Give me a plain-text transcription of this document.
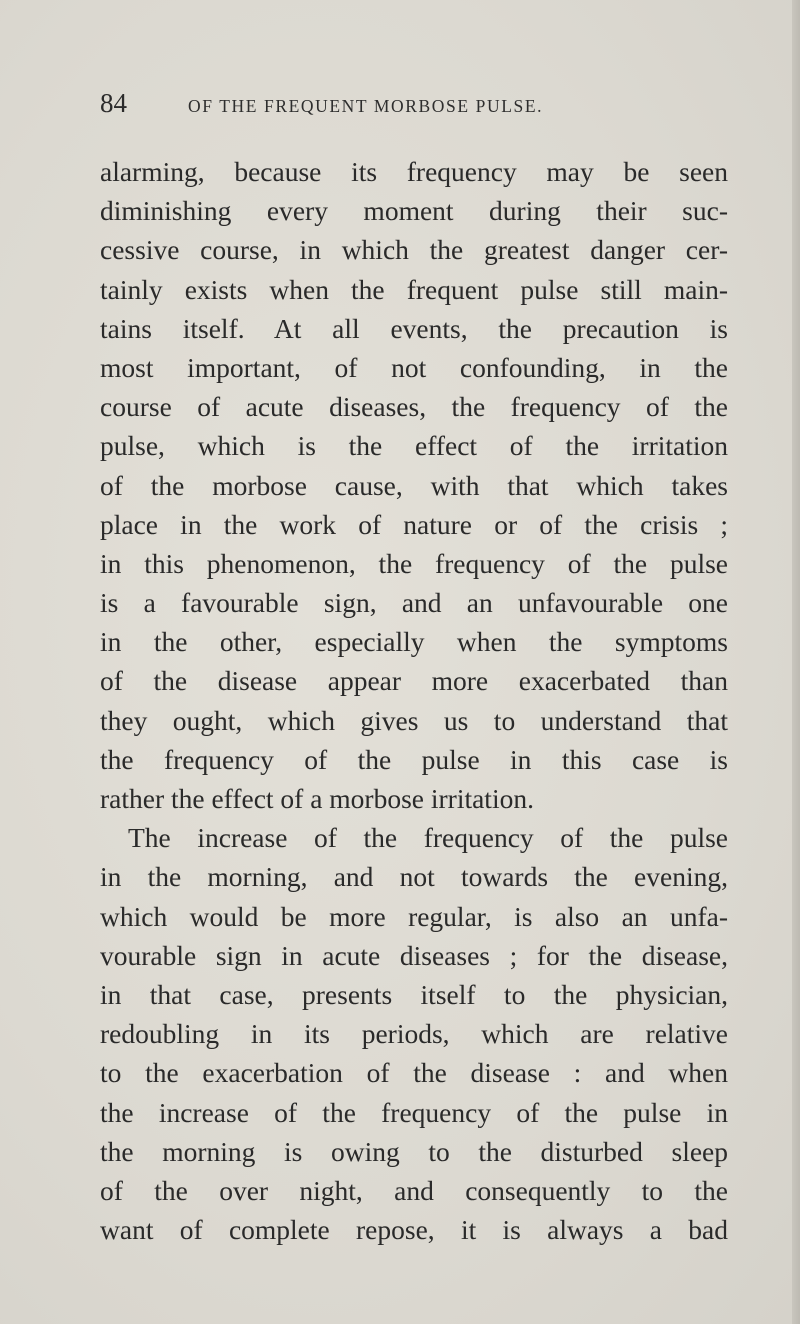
84	OF THE FREQUENT MORBOSE PULSE.
alarming, because its frequency may be seen
diminishing every moment during their suc-
cessive course, in which the greatest danger cer-
tainly exists when the frequent pulse still main-
tains itself. At all events, the precaution is
most important, of not confounding, in the
course of acute diseases, the frequency of the
pulse, which is the effect of the irritation
of the morbose cause, with that which takes
place in the work of nature or of the crisis ;
in this phenomenon, the frequency of the pulse
is a favourable sign, and an unfavourable one
in the other, especially when the symptoms
of the disease appear more exacerbated than
they ought, which gives us to understand that
the frequency of the pulse in this case is
rather the effect of a morbose irritation.
The increase of the frequency of the pulse
in the morning, and not towards the evening,
which would be more regular, is also an unfa-
vourable sign in acute diseases ; for the disease,
in that case, presents itself to the physician,
redoubling in its periods, which are relative
to the exacerbation of the disease : and when
the increase of the frequency of the pulse in
the morning is owing to the disturbed sleep
of the over night, and consequently to the
want of complete repose, it is always a bad
